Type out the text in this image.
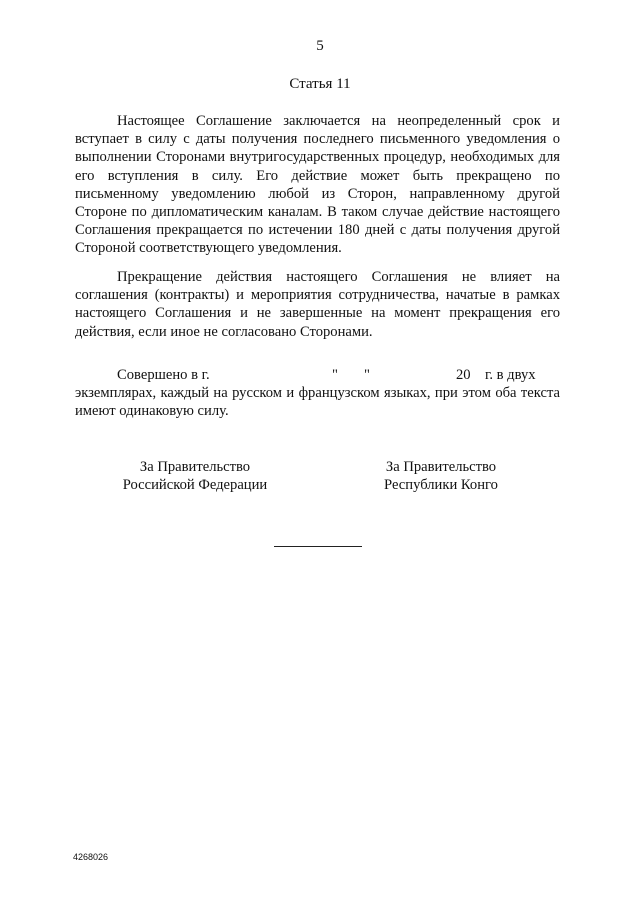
5
Статья 11

Настоящее Соглашение заключается на неопределенный срок и вступает в силу с даты получения последнего письменного уведомления о выполнении Сторонами внутригосударственных процедур, необходимых для его вступления в силу. Его действие может быть прекращено по письменному уведомлению любой из Сторон, направленному другой Стороне по дипломатическим каналам. В таком случае действие настоящего Соглашения прекращается по истечении 180 дней с даты получения другой Стороной соответствующего уведомления.

Прекращение действия настоящего Соглашения не влияет на соглашения (контракты) и мероприятия сотрудничества, начатые в рамках настоящего Соглашения и не завершенные на момент прекращения его действия, если иное не согласовано Сторонами.

Совершено в г.	" "	20 г. в двух

экземплярах, каждый на русском и французском языках, при этом оба текста имеют одинаковую силу.

За Правительство
Российской Федерации
За Правительство
Республики Конго
4268026
